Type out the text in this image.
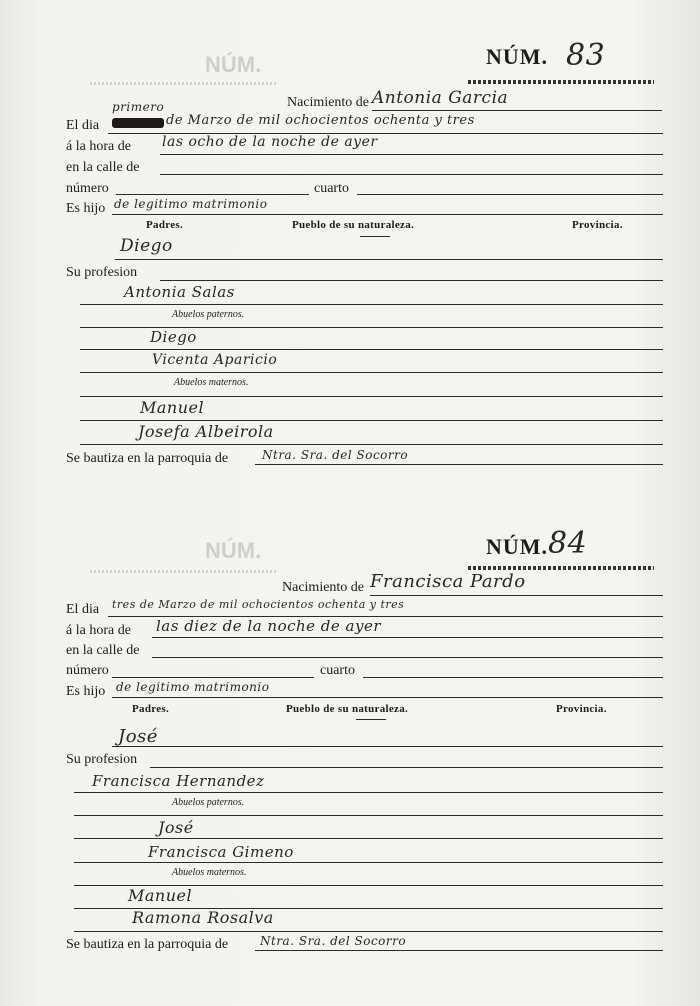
NÚM.
NÚM.
NÚM. 83
Nacimiento de Antonia Garcia
primero
El dia	de Marzo de mil ochocientos ochenta y tres
á la hora de las ocho de la noche de ayer
en la calle de
número	cuarto
Es hijo de legitimo matrimonio
Padres.	Pueblo de su naturaleza.	Provincia.
Diego
Su profesion
Antonia Salas
Abuelos paternos.
Diego
Vicenta Aparicio
Abuelos maternos.
Manuel
Josefa Albeirola
Se bautiza en la parroquia de	Ntra. Sra. del Socorro
NÚM. 84
Nacimiento de Francisca Pardo
El dia tres de Marzo de mil ochocientos ochenta y tres
á la hora de las diez de la noche de ayer
en la calle de
número	cuarto
Es hijo de legitimo matrimonio
Padres.	Pueblo de su naturaleza.	Provincia.
José
Su profesion
Francisca Hernandez
Abuelos paternos.
José
Francisca Gimeno
Abuelos maternos.
Manuel
Ramona Rosalva
Se bautiza en la parroquia de	Ntra. Sra. del Socorro
